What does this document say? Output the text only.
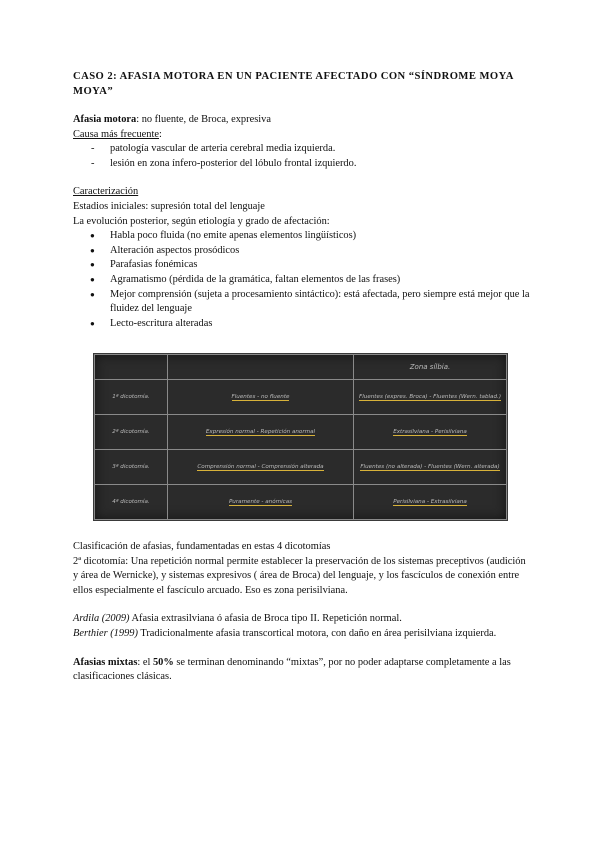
CASO 2: AFASIA MOTORA EN UN PACIENTE AFECTADO CON “SÍNDROME MOYA MOYA”

Afasia motora: no fluente, de Broca, expresiva
Causa más frecuente:
- patología vascular de arteria cerebral media izquierda.
- lesión en zona ínfero-posterior del lóbulo frontal izquierdo.
Caracterización
Estadios iniciales: supresión total del lenguaje
La evolución posterior, según etiología y grado de afectación:
● Habla poco fluida (no emite apenas elementos lingüísticos)
● Alteración aspectos prosódicos
● Parafasias fonémicas
● Agramatismo (pérdida de la gramática, faltan elementos de las frases)
● Mejor comprensión (sujeta a procesamiento sintáctico): está afectada, pero siempre está mejor que la fluidez del lenguaje
● Lecto-escritura alteradas
		Zona sílbia.
1ª dicotomía.	Fluentes - no fluente	Fluentes (expres. Broca) - Fluentes (Wern. tablad.)
2ª dicotomía.	Expresión normal - Repetición anormal	Extrasilviana - Perisilviana
3ª dicotomía.	Comprensión normal - Comprensión alterada	Fluentes (no alterada) - Fluentes (Wern. alterada)
4ª dicotomía.	Puramente - anómicas	Perisilviana - Extrasilviana
Clasificación de afasias, fundamentadas en estas 4 dicotomías
2ª dicotomía: Una repetición normal permite establecer la preservación de los sistemas preceptivos (audición y área de Wernicke), y sistemas expresivos ( área de Broca) del lenguaje, y los fascículos de conexión entre ellos especialmente el fascículo arcuado. Eso es zona perisilviana.
Ardila (2009) Afasia extrasilviana ó afasia de Broca tipo II. Repetición normal.
Berthier (1999) Tradicionalmente afasia transcortical motora, con daño en área perisilviana izquierda.
Afasias mixtas: el 50% se terminan denominando “mixtas”, por no poder adaptarse completamente a las clasificaciones clásicas.
